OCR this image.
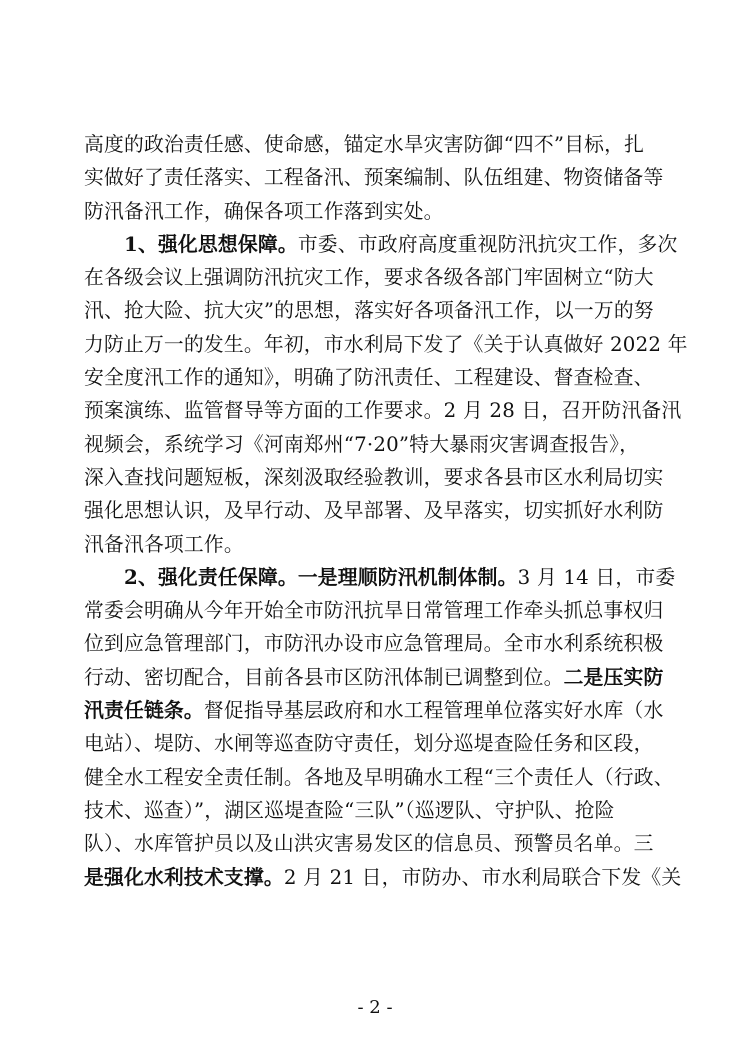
高度的政治责任感、使命感，锚定水旱灾害防御“四不”目标，扎
实做好了责任落实、工程备汛、预案编制、队伍组建、物资储备等
防汛备汛工作，确保各项工作落到实处。
1、强化思想保障。市委、市政府高度重视防汛抗灾工作，多次
在各级会议上强调防汛抗灾工作，要求各级各部门牢固树立“防大
汛、抢大险、抗大灾”的思想，落实好各项备汛工作，以一万的努
力防止万一的发生。年初，市水利局下发了《关于认真做好 2022 年
安全度汛工作的通知》，明确了防汛责任、工程建设、督查检查、
预案演练、监管督导等方面的工作要求。2 月 28 日，召开防汛备汛
视频会，系统学习《河南郑州“7·20”特大暴雨灾害调查报告》，
深入查找问题短板，深刻汲取经验教训，要求各县市区水利局切实
强化思想认识，及早行动、及早部署、及早落实，切实抓好水利防
汛备汛各项工作。
2、强化责任保障。一是理顺防汛机制体制。3 月 14 日，市委
常委会明确从今年开始全市防汛抗旱日常管理工作牵头抓总事权归
位到应急管理部门，市防汛办设市应急管理局。全市水利系统积极
行动、密切配合，目前各县市区防汛体制已调整到位。二是压实防
汛责任链条。督促指导基层政府和水工程管理单位落实好水库（水
电站）、堤防、水闸等巡查防守责任，划分巡堤查险任务和区段，
健全水工程安全责任制。各地及早明确水工程“三个责任人（行政、
技术、巡查）”，湖区巡堤查险“三队”（巡逻队、守护队、抢险
队）、水库管护员以及山洪灾害易发区的信息员、预警员名单。三
是强化水利技术支撑。2 月 21 日，市防办、市水利局联合下发《关
- 2 -
